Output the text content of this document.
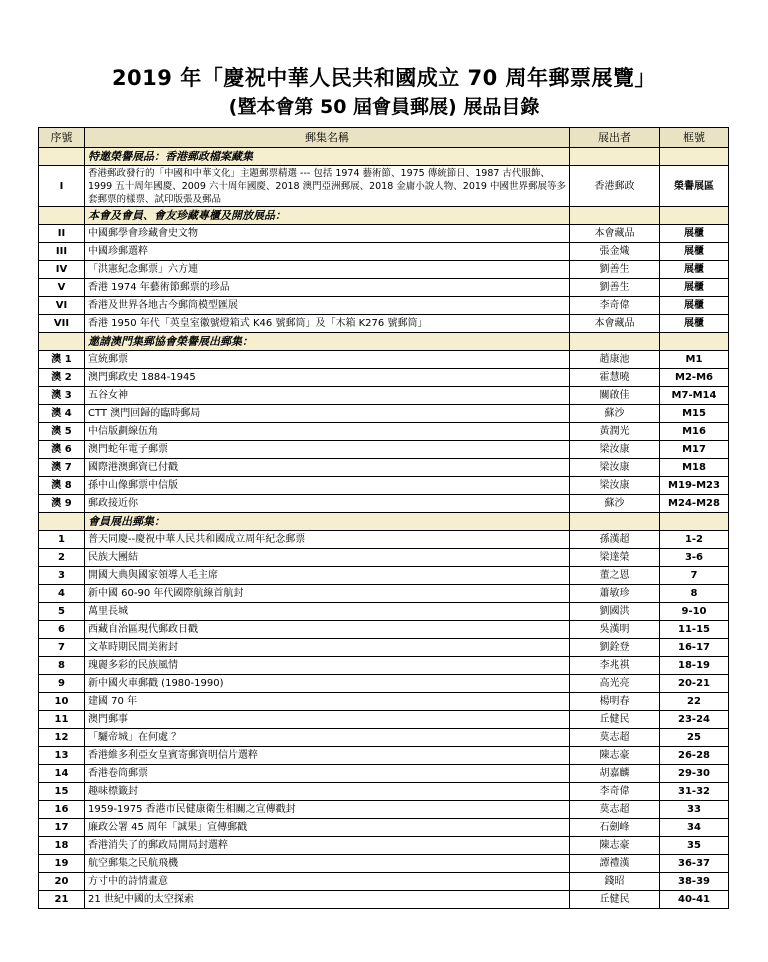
2019 年「慶祝中華人民共和國成立 70 周年郵票展覽」
(暨本會第 50 屆會員郵展) 展品目錄
序號	郵集名稱	展出者	框號
	特邀榮譽展品：香港郵政檔案藏集		
I	香港郵政發行的「中國和中華文化」主題郵票精選 --- 包括 1974 藝術節、1975 傳統節日、1987 古代服飾、1999 五十周年國慶、2009 六十周年國慶、2018 澳門亞洲郵展、2018 金庸小說人物、2019 中國世界郵展等多套郵票的樣票、試印版張及郵品	香港郵政	榮譽展區
	本會及會員、會友珍藏專櫃及開放展品：		
II	中國郵學會珍藏會史文物	本會藏品	展櫃
III	中國珍郵選粹	張金熾	展櫃
IV	「洪憲紀念郵票」六方連	劉善生	展櫃
V	香港 1974 年藝術節郵票的珍品	劉善生	展櫃
VI	香港及世界各地古今郵筒模型匯展	李奇偉	展櫃
VII	香港 1950 年代「英皇室徽號燈箱式 K46 號郵筒」及「木箱 K276 號郵筒」	本會藏品	展櫃
	邀請澳門集郵協會榮譽展出郵集：		
澳 1	宣統郵票	趙康池	M1
澳 2	澳門郵政史 1884-1945	霍慧曉	M2-M6
澳 3	五谷女神	關啟佳	M7-M14
澳 4	CTT 澳門回歸的臨時郵局	蘇沙	M15
澳 5	中信版劃線伍角	黃潤光	M16
澳 6	澳門蛇年電子郵票	梁汝康	M17
澳 7	國際港澳郵資已付戳	梁汝康	M18
澳 8	孫中山像郵票中信版	梁汝康	M19-M23
澳 9	郵政接近你	蘇沙	M24-M28
	會員展出郵集：		
1	普天同慶--慶祝中華人民共和國成立周年紀念郵票	孫漢超	1-2
2	民族大團結	梁達榮	3-6
3	開國大典與國家領導人毛主席	董之恩	7
4	新中國 60-90 年代國際航線首航封	蕭敏珍	8
5	萬里長城	劉國洪	9-10
6	西藏自治區現代郵政日戳	吳漢明	11-15
7	文革時期民間美術封	劉銓登	16-17
8	瑰麗多彩的民族風情	李兆祺	18-19
9	新中國火車郵戳 (1980-1990)	高光亮	20-21
10	建國 70 年	楊明春	22
11	澳門郵事	丘健民	23-24
12	「驪帝城」在何處 ？	莫志超	25
13	香港維多利亞女皇賓寄郵資明信片選粹	陳志豪	26-28
14	香港卷筒郵票	胡嘉麟	29-30
15	趣味標籤封	李奇偉	31-32
16	1959-1975 香港市民健康衛生相關之宣傳戳封	莫志超	33
17	廉政公署 45 周年「誠果」宣傳郵戳	石劍峰	34
18	香港消失了的郵政局開局封選粹	陳志豪	35
19	航空郵集之民航飛機	譚禮漢	36-37
20	方寸中的詩情畫意	錢昭	38-39
21	21 世紀中國的太空探索	丘健民	40-41
